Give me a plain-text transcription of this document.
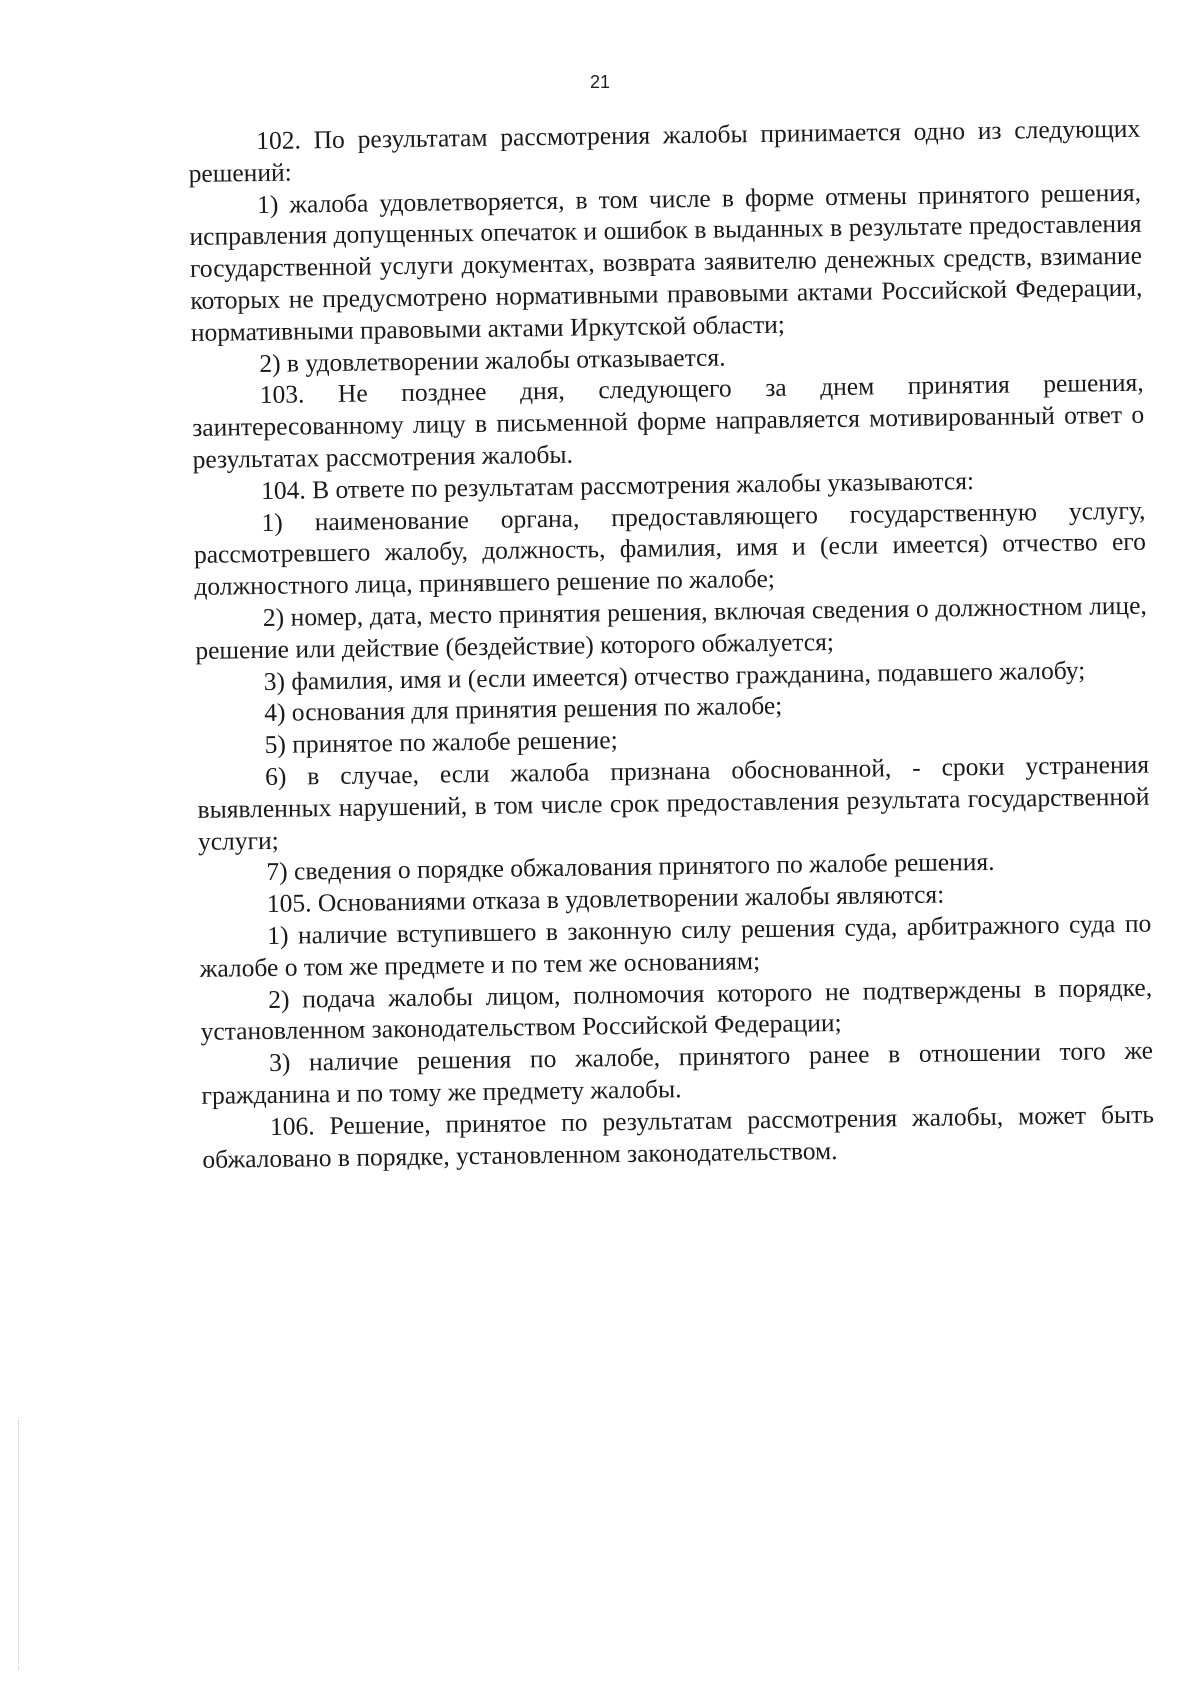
21

102. По результатам рассмотрения жалобы принимается одно из следующих решений:

1) жалоба удовлетворяется, в том числе в форме отмены принятого решения, исправления допущенных опечаток и ошибок в выданных в результате предоставления государственной услуги документах, возврата заявителю денежных средств, взимание которых не предусмотрено нормативными правовыми актами Российской Федерации, нормативными правовыми актами Иркутской области;

2) в удовлетворении жалобы отказывается.

103. Не позднее дня, следующего за днем принятия решения, заинтересованному лицу в письменной форме направляется мотивированный ответ о результатах рассмотрения жалобы.

104. В ответе по результатам рассмотрения жалобы указываются:

1) наименование органа, предоставляющего государственную услугу, рассмотревшего жалобу, должность, фамилия, имя и (если имеется) отчество его должностного лица, принявшего решение по жалобе;

2) номер, дата, место принятия решения, включая сведения о должностном лице, решение или действие (бездействие) которого обжалуется;

3) фамилия, имя и (если имеется) отчество гражданина, подавшего жалобу;

4) основания для принятия решения по жалобе;

5) принятое по жалобе решение;

6) в случае, если жалоба признана обоснованной, - сроки устранения выявленных нарушений, в том числе срок предоставления результата государственной услуги;

7) сведения о порядке обжалования принятого по жалобе решения.

105. Основаниями отказа в удовлетворении жалобы являются:

1) наличие вступившего в законную силу решения суда, арбитражного суда по жалобе о том же предмете и по тем же основаниям;

2) подача жалобы лицом, полномочия которого не подтверждены в порядке, установленном законодательством Российской Федерации;

3) наличие решения по жалобе, принятого ранее в отношении того же гражданина и по тому же предмету жалобы.

106. Решение, принятое по результатам рассмотрения жалобы, может быть обжаловано в порядке, установленном законодательством.
